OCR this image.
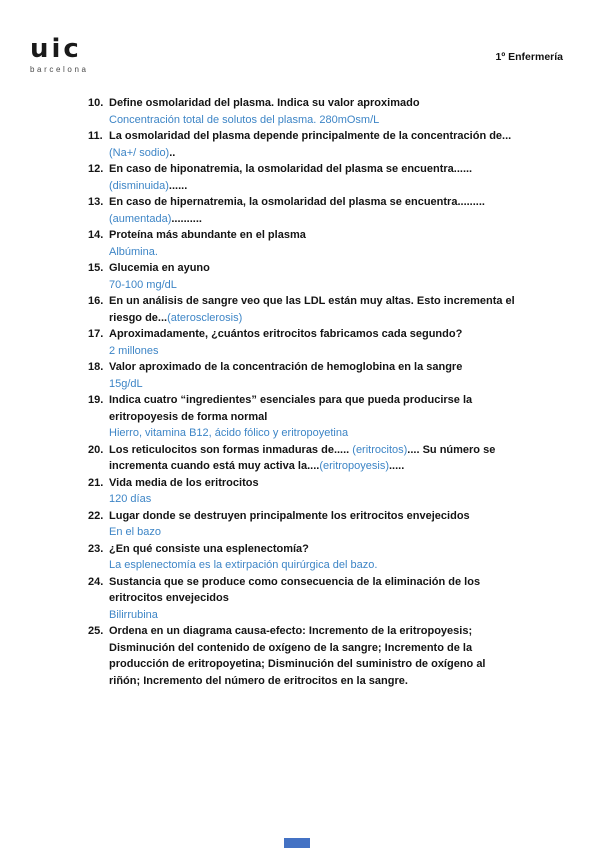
uic
barcelona
1º Enfermería
10. Define osmolaridad del plasma. Indica su valor aproximado
Concentración total de solutos del plasma. 280mOsm/L
11. La osmolaridad del plasma depende principalmente de la concentración de...(Na+/ sodio)..
12. En caso de hiponatremia, la osmolaridad del plasma se encuentra......(disminuida)......
13. En caso de hipernatremia, la osmolaridad del plasma se encuentra.........(aumentada)..........
14. Proteína más abundante en el plasma
Albúmina.
15. Glucemia en ayuno
70-100 mg/dL
16. En un análisis de sangre veo que las LDL están muy altas. Esto incrementa el riesgo de...(aterosclerosis)
17. Aproximadamente, ¿cuántos eritrocitos fabricamos cada segundo?
2 millones
18. Valor aproximado de la concentración de hemoglobina en la sangre
15g/dL
19. Indica cuatro “ingredientes” esenciales para que pueda producirse la eritropoyesis de forma normal
Hierro, vitamina B12, ácido fólico y eritropoyetina
20. Los reticulocitos son formas inmaduras de..... (eritrocitos).... Su número se incrementa cuando está muy activa la....(eritropoyesis).....
21. Vida media de los eritrocitos
120 días
22. Lugar donde se destruyen principalmente los eritrocitos envejecidos
En el bazo
23. ¿En qué consiste una esplenectomía?
La esplenectomía es la extirpación quirúrgica del bazo.
24. Sustancia que se produce como consecuencia de la eliminación de los eritrocitos envejecidos
Bilirrubina
25. Ordena en un diagrama causa-efecto: Incremento de la eritropoyesis; Disminución del contenido de oxígeno de la sangre; Incremento de la producción de eritropoyetina; Disminución del suministro de oxígeno al riñón; Incremento del número de eritrocitos en la sangre.
